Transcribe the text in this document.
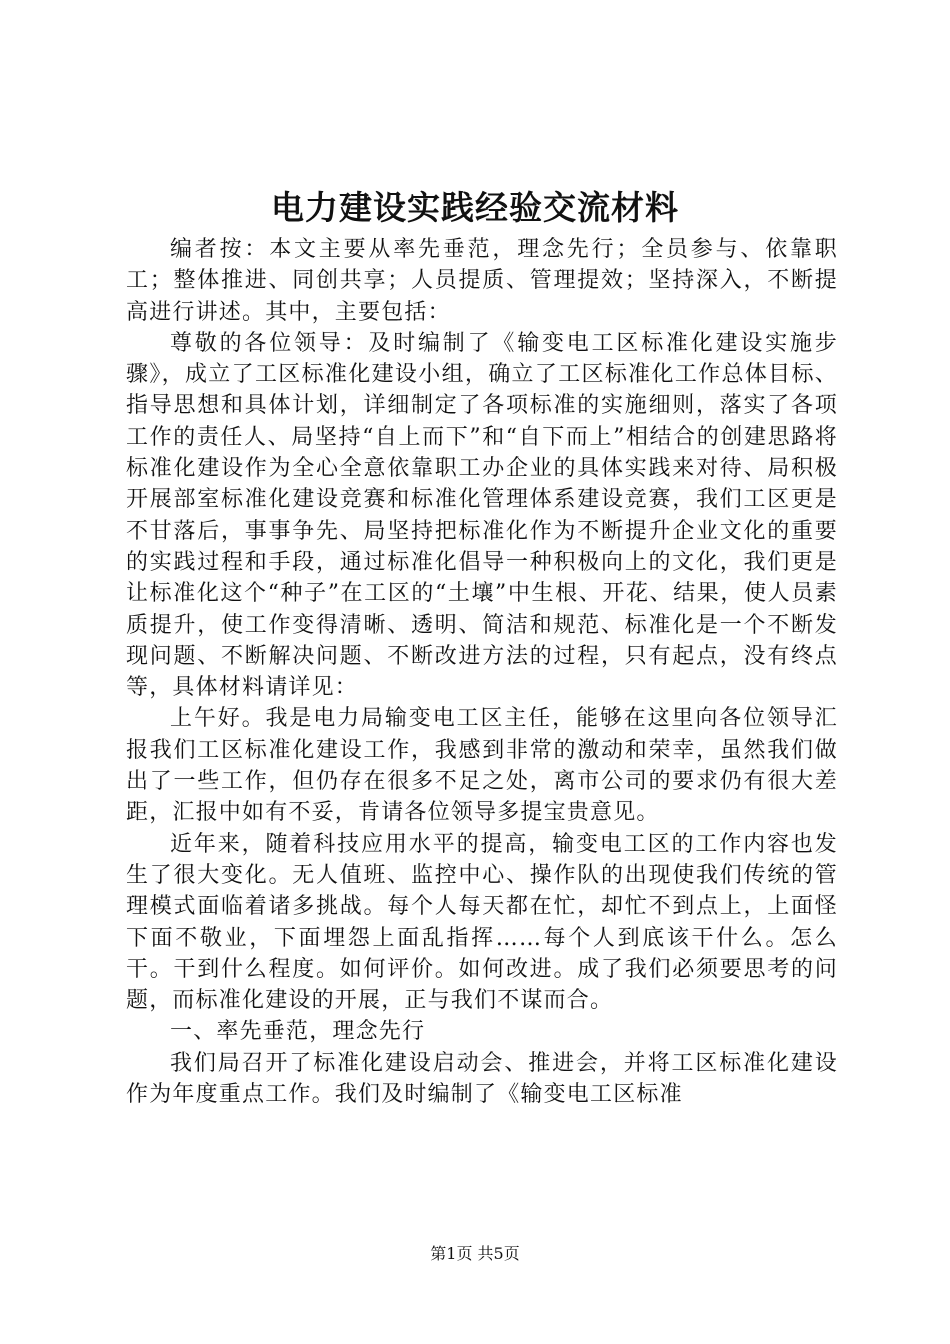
电力建设实践经验交流材料

编者按：本文主要从率先垂范，理念先行；全员参与、依靠职工；整体推进、同创共享；人员提质、管理提效；坚持深入，不断提高进行讲述。其中，主要包括：

尊敬的各位领导：及时编制了《输变电工区标准化建设实施步骤》，成立了工区标准化建设小组，确立了工区标准化工作总体目标、指导思想和具体计划，详细制定了各项标准的实施细则，落实了各项工作的责任人、局坚持“自上而下”和“自下而上”相结合的创建思路将标准化建设作为全心全意依靠职工办企业的具体实践来对待、局积极开展部室标准化建设竞赛和标准化管理体系建设竞赛，我们工区更是不甘落后，事事争先、局坚持把标准化作为不断提升企业文化的重要的实践过程和手段，通过标准化倡导一种积极向上的文化，我们更是让标准化这个“种子”在工区的“土壤”中生根、开花、结果，使人员素质提升，使工作变得清晰、透明、简洁和规范、标准化是一个不断发现问题、不断解决问题、不断改进方法的过程，只有起点，没有终点等，具体材料请详见：

上午好。我是电力局输变电工区主任，能够在这里向各位领导汇报我们工区标准化建设工作，我感到非常的激动和荣幸，虽然我们做出了一些工作，但仍存在很多不足之处，离市公司的要求仍有很大差距，汇报中如有不妥，肯请各位领导多提宝贵意见。

近年来，随着科技应用水平的提高，输变电工区的工作内容也发生了很大变化。无人值班、监控中心、操作队的出现使我们传统的管理模式面临着诸多挑战。每个人每天都在忙，却忙不到点上，上面怪下面不敬业，下面埋怨上面乱指挥……每个人到底该干什么。怎么干。干到什么程度。如何评价。如何改进。成了我们必须要思考的问题，而标准化建设的开展，正与我们不谋而合。

一、率先垂范，理念先行

我们局召开了标准化建设启动会、推进会，并将工区标准化建设作为年度重点工作。我们及时编制了《输变电工区标准

第1页 共5页
